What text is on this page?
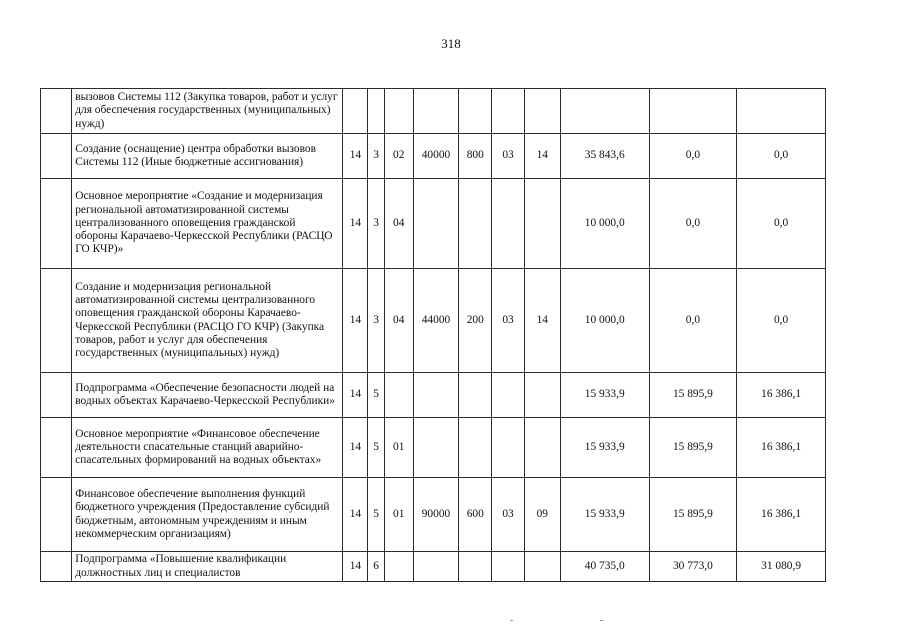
318
	вызовов Системы 112 (Закупка товаров, работ и услуг для обеспечения государственных (муниципальных) нужд)										
	Создание (оснащение) центра обработки вызовов Системы 112 (Иные бюджетные ассигнования)	14	3	02	40000	800	03	14	35 843,6	0,0	0,0
	Основное мероприятие «Создание и модернизация региональной автоматизированной системы централизованного оповещения гражданской обороны Карачаево-Черкесской Республики (РАСЦО ГО КЧР)»	14	3	04					10 000,0	0,0	0,0
	Создание и модернизация региональной автоматизированной системы централизованного оповещения гражданской обороны Карачаево-Черкесской Республики (РАСЦО ГО КЧР) (Закупка товаров, работ и услуг для обеспечения государственных (муниципальных) нужд)	14	3	04	44000	200	03	14	10 000,0	0,0	0,0
	Подпрограмма «Обеспечение безопасности людей на водных объектах Карачаево-Черкесской Республики»	14	5						15 933,9	15 895,9	16 386,1
	Основное мероприятие «Финансовое обеспечение деятельности спасательные станций аварийно-спасательных формирований на водных объектах»	14	5	01					15 933,9	15 895,9	16 386,1
	Финансовое обеспечение выполнения функций бюджетного учреждения (Предоставление субсидий бюджетным, автономным учреждениям и иным некоммерческим организациям)	14	5	01	90000	600	03	09	15 933,9	15 895,9	16 386,1
	Подпрограмма «Повышение квалификации должностных лиц и специалистов	14	6						40 735,0	30 773,0	31 080,9
